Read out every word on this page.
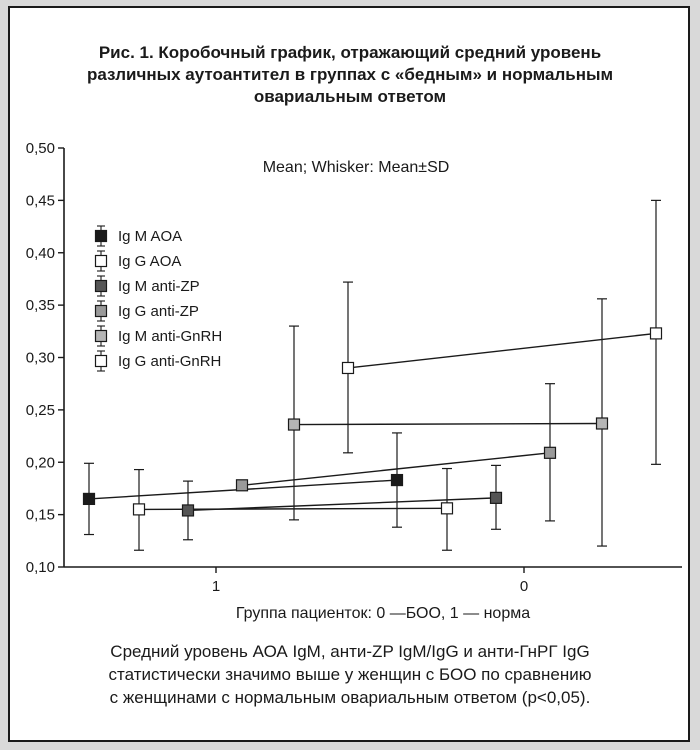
Рис. 1. Коробочный график, отражающий средний уровень
различных аутоантител в группах с «бедным» и нормальным
овариальным ответом
0,50
0,45
0,40
0,35
0,30
0,25
0,20
0,15
0,10
1	0
Ig M AOA
Ig G AOA
Ig M anti-ZP
Ig G anti-ZP
Ig M anti-GnRH
Ig G anti-GnRH
Mean; Whisker: Mean±SD
Группа пациенток: 0 —БОО, 1 — норма
Средний уровень АОА IgM, анти-ZP IgM/IgG и анти-ГнРГ IgG
статистически значимо выше у женщин с БОО по сравнению
с женщинами с нормальным овариальным ответом (р<0,05).
